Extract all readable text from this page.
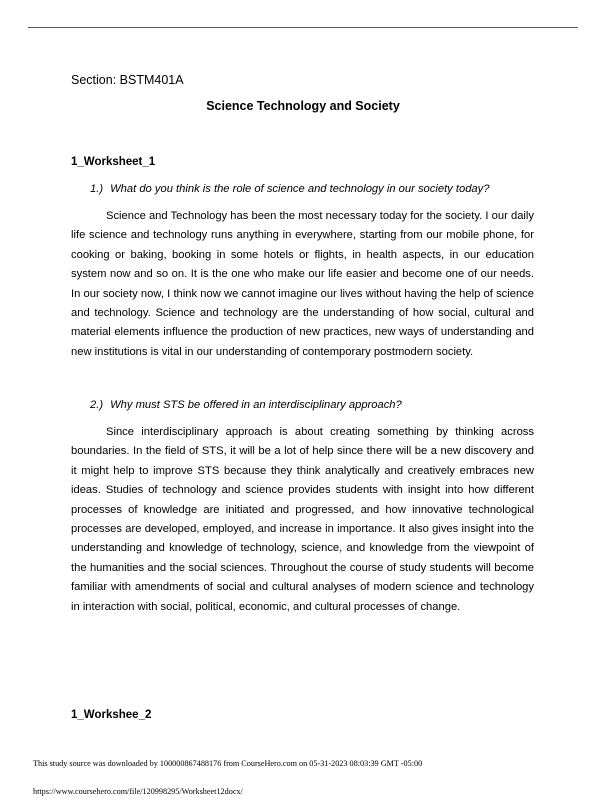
Section: BSTM401A
Science Technology and Society
1_Worksheet_1
1.) What do you think is the role of science and technology in our society today?

Science and Technology has been the most necessary today for the society. I our daily life science and technology runs anything in everywhere, starting from our mobile phone, for cooking or baking, booking in some hotels or flights, in health aspects, in our education system now and so on. It is the one who make our life easier and become one of our needs. In our society now, I think now we cannot imagine our lives without having the help of science and technology. Science and technology are the understanding of how social, cultural and material elements influence the production of new practices, new ways of understanding and new institutions is vital in our understanding of contemporary postmodern society.

2.) Why must STS be offered in an interdisciplinary approach?

Since interdisciplinary approach is about creating something by thinking across boundaries. In the field of STS, it will be a lot of help since there will be a new discovery and it might help to improve STS because they think analytically and creatively embraces new ideas. Studies of technology and science provides students with insight into how different processes of knowledge are initiated and progressed, and how innovative technological processes are developed, employed, and increase in importance. It also gives insight into the understanding and knowledge of technology, science, and knowledge from the viewpoint of the humanities and the social sciences. Throughout the course of study students will become familiar with amendments of social and cultural analyses of modern science and technology in interaction with social, political, economic, and cultural processes of change.

1_Workshee_2
This study source was downloaded by 100000867488176 from CourseHero.com on 05-31-2023 08:03:39 GMT -05:00
https://www.coursehero.com/file/120998295/Worksheet12docx/
